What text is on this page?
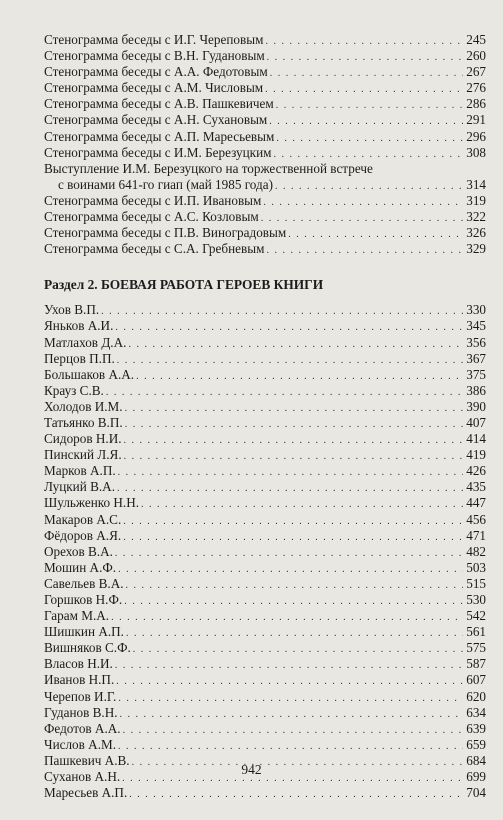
Стенограмма беседы с И.Г. Череповым . . .	245
Стенограмма беседы с В.Н. Гудановым . . .	260
Стенограмма беседы с А.А. Федотовым . . .	267
Стенограмма беседы с А.М. Числовым . . .	276
Стенограмма беседы с А.В. Пашкевичем . . .	286
Стенограмма беседы с А.Н. Сухановым . . .	291
Стенограмма беседы с А.П. Маресьевым . . .	296
Стенограмма беседы с И.М. Березуцким . . .	308
Выступление И.М. Березуцкого на торжественной встрече
с воинами 641-го гиап (май 1985 года) . . .	314
Стенограмма беседы с И.П. Ивановым . . .	319
Стенограмма беседы с А.С. Козловым . . .	322
Стенограмма беседы с П.В. Виноградовым . . .	326
Стенограмма беседы с С.А. Гребневым . . .	329
Раздел 2. БОЕВАЯ РАБОТА ГЕРОЕВ КНИГИ
Ухов В.П. . . .	330
Яньков А.И. . . .	345
Матлахов Д.А. . . .	356
Перцов П.П. . . .	367
Большаков А.А. . . .	375
Крауз С.В. . . .	386
Холодов И.М. . . .	390
Татьянко В.П. . . .	407
Сидоров Н.И. . . .	414
Пинский Л.Я. . . .	419
Марков А.П. . . .	426
Луцкий В.А. . . .	435
Шульженко Н.Н. . . .	447
Макаров А.С. . . .	456
Фёдоров А.Я. . . .	471
Орехов В.А. . . .	482
Мошин А.Ф. . . .	503
Савельев В.А. . . .	515
Горшков Н.Ф. . . .	530
Гарам М.А. . . .	542
Шишкин А.П. . . .	561
Вишняков С.Ф. . . .	575
Власов Н.И. . . .	587
Иванов Н.П. . . .	607
Черепов И.Г. . . .	620
Гуданов В.Н. . . .	634
Федотов А.А. . . .	639
Числов А.М. . . .	659
Пашкевич А.В. . . .	684
Суханов А.Н. . . .	699
Маресьев А.П. . . .	704
942
